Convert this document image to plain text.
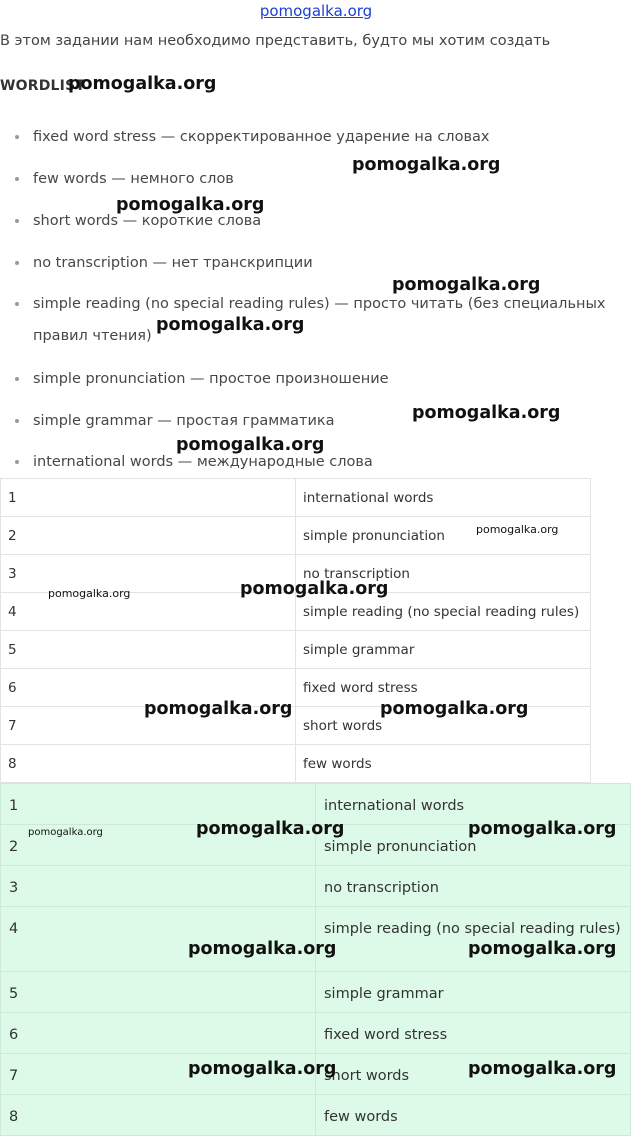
pomogalka.org
В этом задании нам необходимо представить, будто мы хотим создать
WORDLIST
fixed word stress — скорректированное ударение на словах
few words — немного слов
short words — короткие слова
no transcription — нет транскрипции
simple reading (no special reading rules) — просто читать (без специальных правил чтения)
simple pronunciation — простое произношение
simple grammar — простая грамматика
international words — международные слова
1	international words
2	simple pronunciation
3	no transcription
4	simple reading (no special reading rules)
5	simple grammar
6	fixed word stress
7	short words
8	few words
1	international words

2	simple pronunciation

3	no transcription

4	simple reading (no special reading rules)

5	simple grammar

6	fixed word stress

7	short words

8	few words
pomogalka.org
pomogalka.org
pomogalka.org
pomogalka.org
pomogalka.org
pomogalka.org
pomogalka.org
pomogalka.org
pomogalka.org	pomogalka.org
pomogalka.org	pomogalka.org
pomogalka.org	pomogalka.org	pomogalka.org
pomogalka.org	pomogalka.org
pomogalka.org	pomogalka.org
